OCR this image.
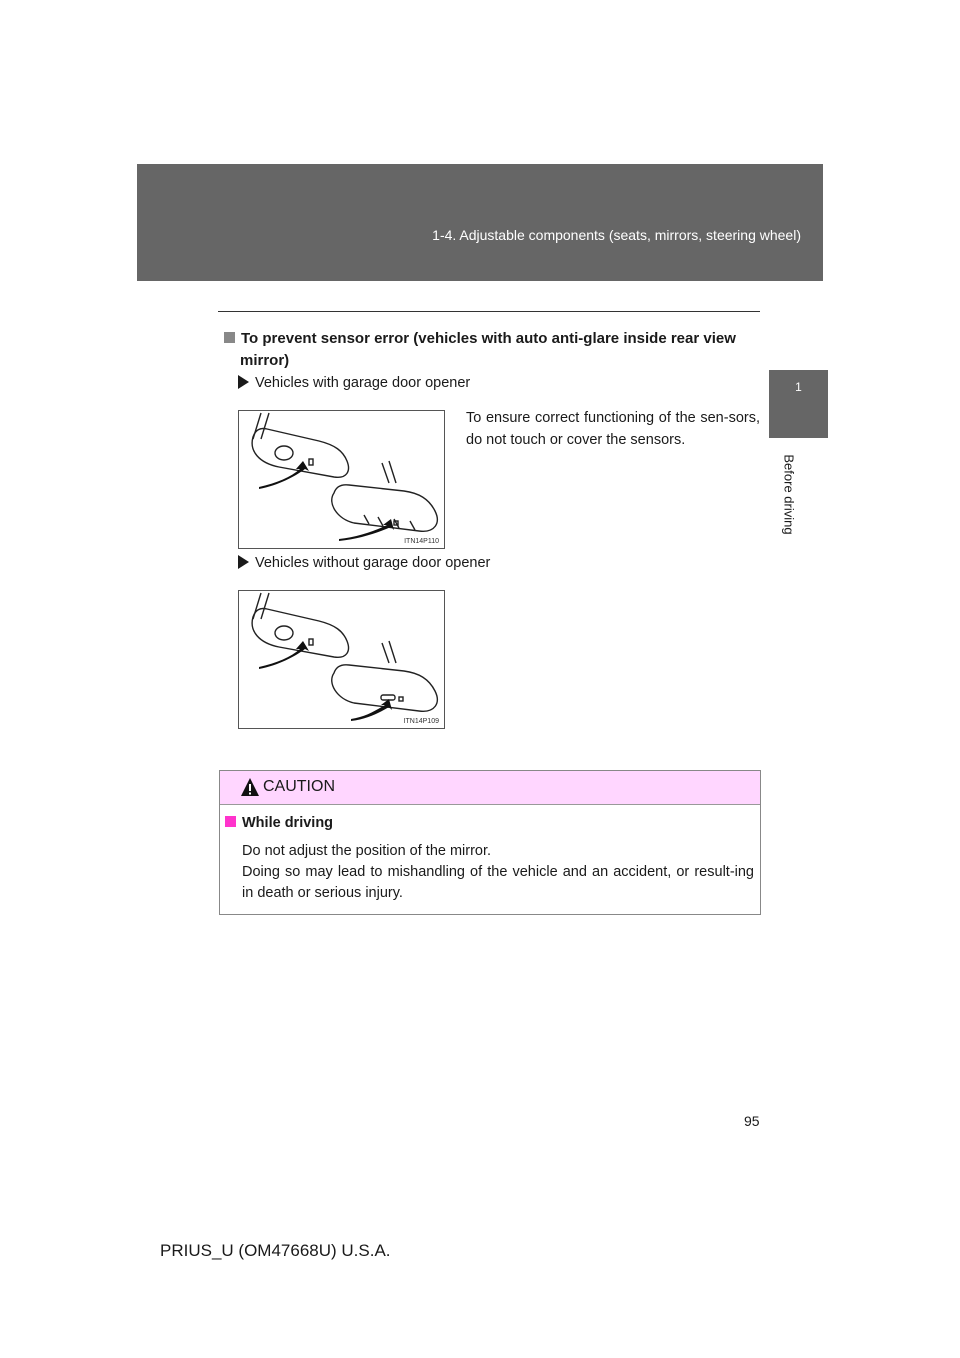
1-4. Adjustable components (seats, mirrors, steering wheel)
1
Before driving
To prevent sensor error (vehicles with auto anti-glare inside rear view
mirror)
Vehicles with garage door opener
To ensure correct functioning of the sen-sors, do not touch or cover the sensors.
ITN14P110
Vehicles without garage door opener
ITN14P109
CAUTION
While driving

Do not adjust the position of the mirror.

Doing so may lead to mishandling of the vehicle and an accident, or result-ing in death or serious injury.

95
PRIUS_U (OM47668U) U.S.A.
